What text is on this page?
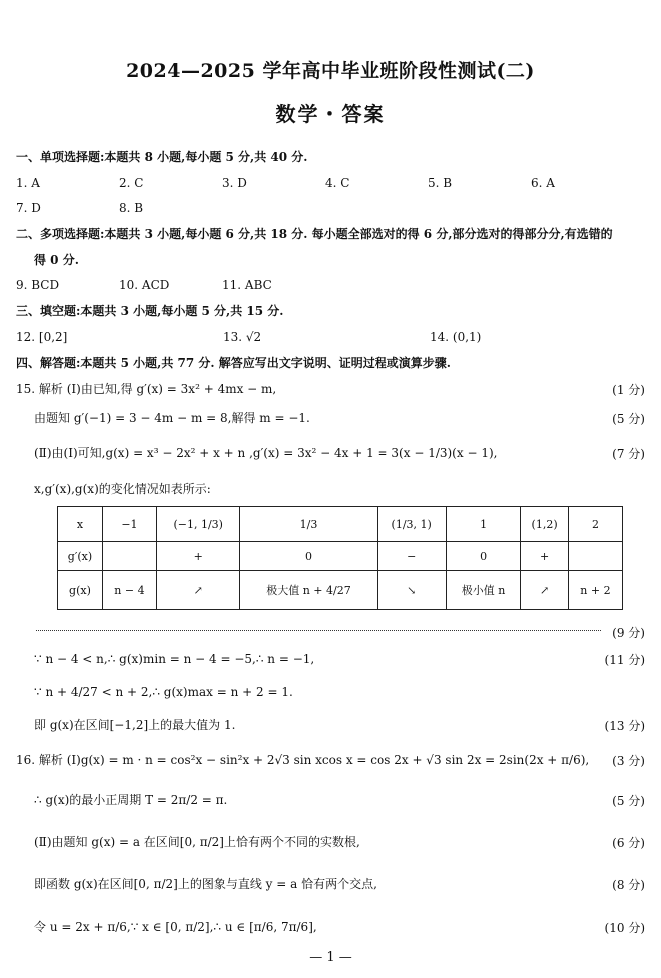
2024—2025 学年高中毕业班阶段性测试(二)
数学・答案
一、单项选择题:本题共 8 小题,每小题 5 分,共 40 分.
1. A	2. C	3. D	4. C	5. B	6. A
7. D	8. B
二、多项选择题:本题共 3 小题,每小题 6 分,共 18 分. 每小题全部选对的得 6 分,部分选对的得部分分,有选错的
得 0 分.
9. BCD	10. ACD	11. ABC
三、填空题:本题共 3 小题,每小题 5 分,共 15 分.
12. [0,2]	13. √2	14. (0,1)
四、解答题:本题共 5 小题,共 77 分. 解答应写出文字说明、证明过程或演算步骤.
15. 解析 (Ⅰ)由已知,得 g′(x) = 3x² + 4mx − m,	(1 分)
由题知 g′(−1) = 3 − 4m − m = 8,解得 m = −1.	(5 分)
(Ⅱ)由(Ⅰ)可知,g(x) = x³ − 2x² + x + n ,g′(x) = 3x² − 4x + 1 = 3(x − 1/3)(x − 1),	(7 分)
x,g′(x),g(x)的变化情况如表所示:
x	−1	(−1, 1/3)	1/3	(1/3, 1)	1	(1,2)	2
g′(x)		+	0	−	0	+	
g(x)	n − 4	↗	极大值 n + 4/27	↘	极小值 n	↗	n + 2
(9 分)
∵ n − 4 < n,∴ g(x)min = n − 4 = −5,∴ n = −1,	(11 分)
∵ n + 4/27 < n + 2,∴ g(x)max = n + 2 = 1.
即 g(x)在区间[−1,2]上的最大值为 1.	(13 分)
16. 解析 (Ⅰ)g(x) = m · n = cos²x − sin²x + 2√3 sin xcos x = cos 2x + √3 sin 2x = 2sin(2x + π/6),	(3 分)
∴ g(x)的最小正周期 T = 2π/2 = π.	(5 分)
(Ⅱ)由题知 g(x) = a 在区间[0, π/2]上恰有两个不同的实数根,	(6 分)
即函数 g(x)在区间[0, π/2]上的图象与直线 y = a 恰有两个交点,	(8 分)
令 u = 2x + π/6,∵ x ∈ [0, π/2],∴ u ∈ [π/6, 7π/6],	(10 分)
— 1 —
